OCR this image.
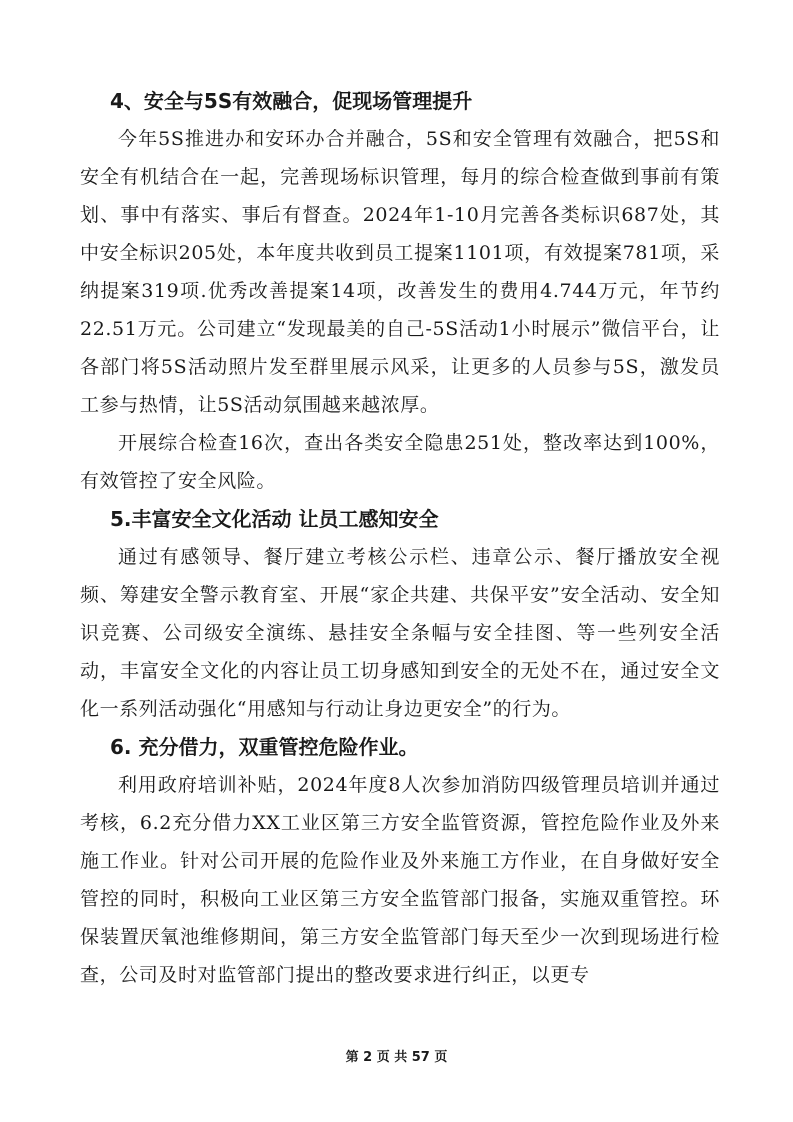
4、安全与5S有效融合，促现场管理提升

今年5S推进办和安环办合并融合，5S和安全管理有效融合，把5S和安全有机结合在一起，完善现场标识管理，每月的综合检查做到事前有策划、事中有落实、事后有督查。2024年1-10月完善各类标识687处，其中安全标识205处，本年度共收到员工提案1101项，有效提案781项，采纳提案319项.优秀改善提案14项，改善发生的费用4.744万元，年节约22.51万元。公司建立“发现最美的自己-5S活动1小时展示”微信平台，让各部门将5S活动照片发至群里展示风采，让更多的人员参与5S，激发员工参与热情，让5S活动氛围越来越浓厚。

开展综合检查16次，查出各类安全隐患251处，整改率达到100%，有效管控了安全风险。

5.丰富安全文化活动 让员工感知安全

通过有感领导、餐厅建立考核公示栏、违章公示、餐厅播放安全视频、筹建安全警示教育室、开展“家企共建、共保平安”安全活动、安全知识竞赛、公司级安全演练、悬挂安全条幅与安全挂图、等一些列安全活动，丰富安全文化的内容让员工切身感知到安全的无处不在，通过安全文化一系列活动强化“用感知与行动让身边更安全”的行为。

6. 充分借力，双重管控危险作业。

利用政府培训补贴，2024年度8人次参加消防四级管理员培训并通过考核，6.2充分借力XX工业区第三方安全监管资源，管控危险作业及外来施工作业。针对公司开展的危险作业及外来施工方作业，在自身做好安全管控的同时，积极向工业区第三方安全监管部门报备，实施双重管控。环保装置厌氧池维修期间，第三方安全监管部门每天至少一次到现场进行检查，公司及时对监管部门提出的整改要求进行纠正，以更专

第 2 页 共 57 页
